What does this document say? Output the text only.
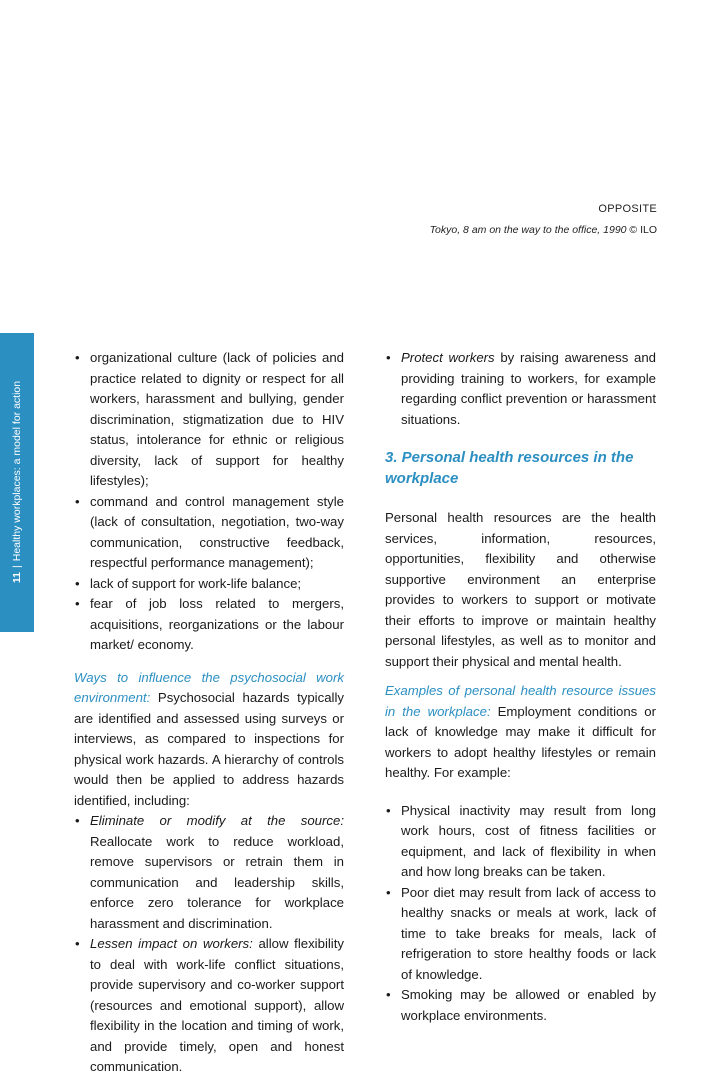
11|Healthy workplaces: a model for action
OPPOSITE
Tokyo, 8 am on the way to the office, 1990 © ILO
• organizational culture (lack of policies and practice related to dignity or respect for all workers, harassment and bullying, gender discrimination, stigmatization due to HIV status, intolerance for ethnic or religious diversity, lack of support for healthy lifestyles);
• command and control management style (lack of consultation, negotiation, two-way communication, constructive feedback, respectful performance management);
• lack of support for work-life balance;
• fear of job loss related to mergers, acquisitions, reorganizations or the labour market/ economy.

Ways to influence the psychosocial work environment: Psychosocial hazards typically are identified and assessed using surveys or interviews, as compared to inspections for physical work hazards. A hierarchy of controls would then be applied to address hazards identified, including:

• Eliminate or modify at the source: Reallocate work to reduce workload, remove supervisors or retrain them in communication and leadership skills, enforce zero tolerance for workplace harassment and discrimination.
• Lessen impact on workers: allow flexibility to deal with work-life conflict situations, provide supervisory and co-worker support (resources and emotional support), allow flexibility in the location and timing of work, and provide timely, open and honest communication.
• Protect workers by raising awareness and providing training to workers, for example regarding conflict prevention or harassment situations.
3. Personal health resources in the workplace

Personal health resources are the health services, information, resources, opportunities, flexibility and otherwise supportive environment an enterprise provides to workers to support or motivate their efforts to improve or maintain healthy personal lifestyles, as well as to monitor and support their physical and mental health.

Examples of personal health resource issues in the workplace: Employment conditions or lack of knowledge may make it difficult for workers to adopt healthy lifestyles or remain healthy. For example:

• Physical inactivity may result from long work hours, cost of fitness facilities or equipment, and lack of flexibility in when and how long breaks can be taken.
• Poor diet may result from lack of access to healthy snacks or meals at work, lack of time to take breaks for meals, lack of refrigeration to store healthy foods or lack of knowledge.
• Smoking may be allowed or enabled by workplace environments.
